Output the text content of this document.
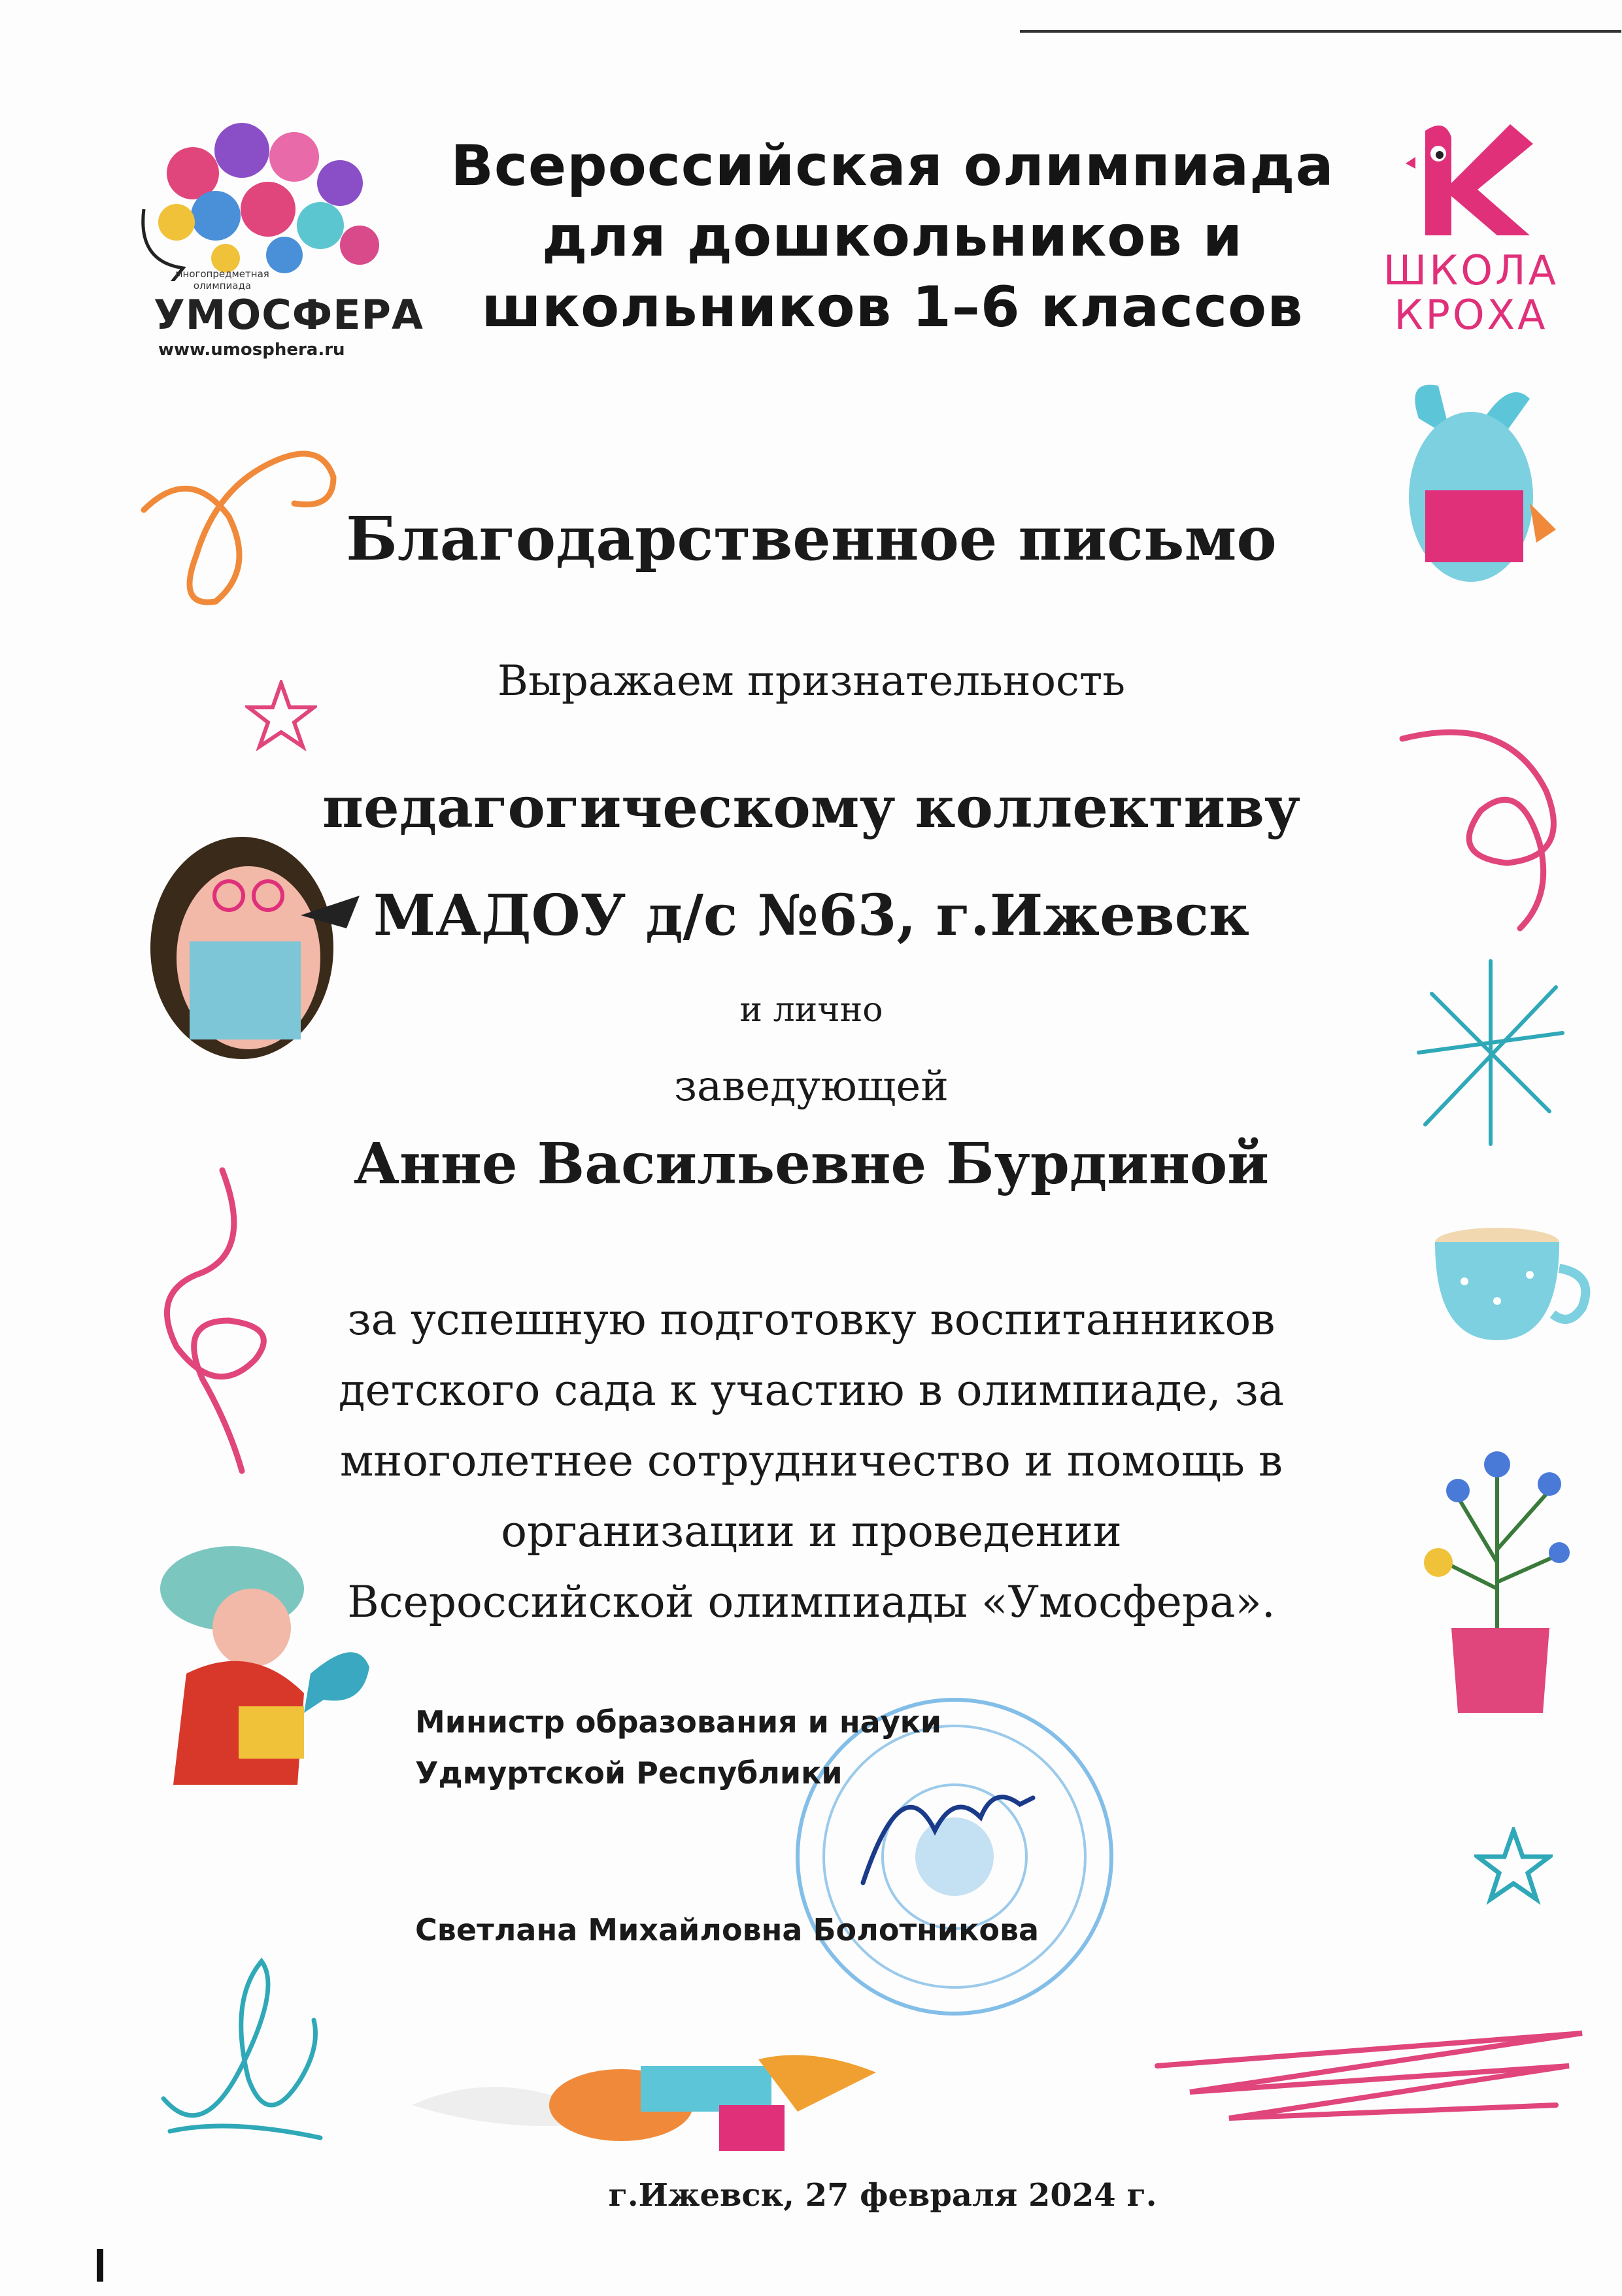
многопредметная
олимпиада
УМОСФЕРА
www.umosphera.ru
ШКОЛА
КРОХА
Всероссийская олимпиада
для дошкольников и
школьников 1–6 классов
Благодарственное письмо
Выражаем признательность
педагогическому коллективу
МАДОУ д/с №63, г.Ижевск
и лично
заведующей
Анне Васильевне Бурдиной
за успешную подготовку воспитанников
детского сада к участию в олимпиаде, за
многолетнее сотрудничество и помощь в
организации и проведении
Всероссийской олимпиады «Умосфера».
Министр образования и науки
Удмуртской Республики
Светлана Михайловна Болотникова
г.Ижевск, 27 февраля 2024 г.
